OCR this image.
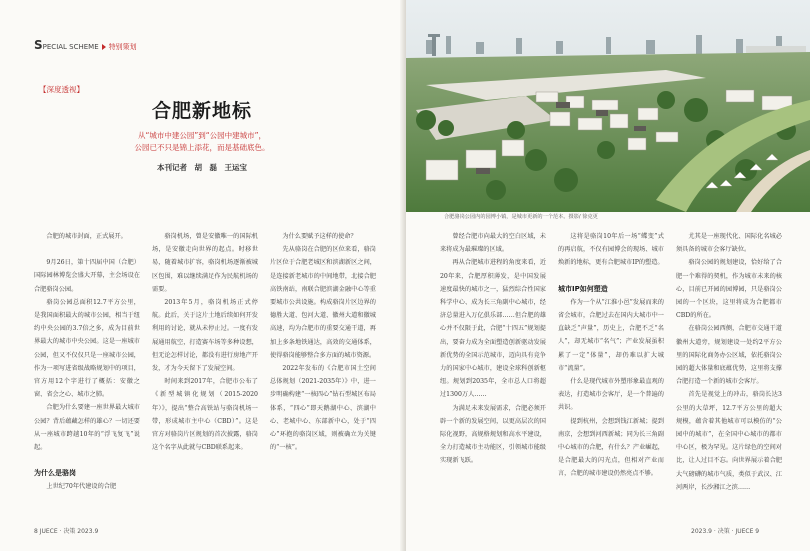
SPECIAL SCHEME 特别策划
【深度透视】
合肥新地标
从“城市中建公园”到“公园中建城市”，
公园已不只是锦上添花，而是基础底色。
本刊记者　胡　磊　王运宝

合肥的城市封面，正式展开。

9月26日，第十四届中国（合肥）国际园林博览会盛大开幕，主会场设在合肥骆岗公园。

骆岗公园总面积12.7平方公里，是我国面积最大的城市公园，相当于纽约中央公园的3.7倍之多，成为目前世界最大的城市中央公园。这是一座城市公园，但又不仅仅只是一座城市公园，作为一项写进省级战略规划中的项目，官方用12个字进行了概括：安徽之窗、省会之心、城市之肺。

合肥为什么要建一座世界最大城市公园？背后蕴藏怎样的雄心？一切还要从一座城市跨越10年的“浮飞复飞”说起。

为什么是骆岗

上世纪70年代建设的合肥

骆岗机场，曾是安徽唯一的国际机场，是安徽走向世界的起点。时移世易，随着城市扩容，骆岗机场逐渐被城区包围，难以继续满足作为民航机场的需要。

2013年5月，骆岗机场正式停航。此后，关于这片土地后续如何开发利用的讨论，就从未停止过。一度有发展通用航空，打造赛车场等多种设想，但无论怎样讨论，都没有进行房地产开发，才为今天留下了发展空间。

时间来到2017年，合肥市公布了《新型城镇化规划（2015-2020年）》，提出“整合高铁站与骆岗机场一带，形成城市主中心（CBD）”。这是官方对骆岗片区规划的首次披露，骆岗这个名字从此就与CBD联系起来。

为什么要赋予这样的使命？

先从骆岗在合肥的区位来看，骆岗片区位于合肥老城区和滨湖新区之间，是连接新老城市的中间地带，北接合肥高铁南站，南联合肥滨湖金融中心等重要城市公共设施。构成骆岗片区边界的德胜大道、包河大道、徽州大道和徽城高速，均为合肥市的重要交通干道，再加上多条地铁通达，高效的交通体系，使得骆岗能够整合多方面的城市资源。

2022年发布的《合肥市国土空间总体规划（2021-2035年）》中，进一步明确构建“一核四心”钻石型城区布局体系，“四心”即天鹅湖中心、滨湖中心、老城中心、东部新中心，处于“四心”环抱的骆岗区域，则被确立为关键的“一核”。

8 JUECE · 决策 2023.9
合肥骆岗公园内的园博小镇，是城市更新的一个范本。摄影/ 徐克更

曾经合肥市向最大的空白区域，未来将成为最璀璨的区域。

再从合肥城市进程的角度来看，近20年来，合肥厚积薄发，是中国发展速度最快的城市之一，猛烈综合性国家科学中心、成为长三角副中心城市，经济总量进入万亿俱乐部……但合肥的雄心并不仅限于此，合肥“十四五”规划提出，要奋力成为全面塑造创新驱动发展新优势的全国示范城市，迈向具有竞争力的国家中心城市，建设全球科创新枢纽。规划到2035年，全市总人口将超过1300万人……

为满足未来发展需求，合肥必须开辟一个新的发展空间，以更高层次的国际化视野，高规格规划和高水平建设，全力打造城市主功能区，引领城市能级实现新飞跃。

这将是骆岗10年后一场“蝶变”式的再启航，不仅有园博会的现场、城市焕新的地标，更有合肥城市IP的塑造。

城市IP如何塑造

作为一个从“江淮小邑”发展而来的省会城市，合肥过去在国内大城市中一直缺乏“声量”，历史上，合肥不乏“名人”，却无城市“名气”；产业发展虽积累了一定“体量”，却仍难以扩大城市“流量”。

什么是现代城市外塑形象最直观的表达，打造城市会客厅，是一个普遍的共识。

提到杭州，会想到钱江新城；提到南京，会想到河西新城；同为长三角副中心城市的合肥，有什么？产业崛起，是合肥最大的闪光点，但相对产业而言，合肥的城市建设仍然亮点不够。

尤其是一座现代化、国际化名城必须具备的城市会客厅缺位。

骆岗公园的规划建设，恰好给了合肥一个难得的契机，作为城市未来的核心，目前已开园的园博园，只是骆岗公园的一个区块，这里将成为合肥都市CBD的所在。

在骆岗公园西侧，合肥市交通干道徽州大道旁，规划建设一处约2平方公里的国际化商务办公区域，依托骆岗公园的超大体量和底蕴优势，这里将支撑合肥打造一个新的城市会客厅。

首先是视觉上的冲击，骆岗长达3公里的大草坪，12.7平方公里的超大规模，蕴含着其他城市可以模仿的“公园中的城市”，在全国中心城市的都市中心区，极为罕见。这片绿色的空间对比，让人过目不忘。向世界展示着合肥大气磅礴的城市气质，类似于武汉、江河两岸，长沙湘江之滨……

2023.9 · 决策 · JUECE 9
